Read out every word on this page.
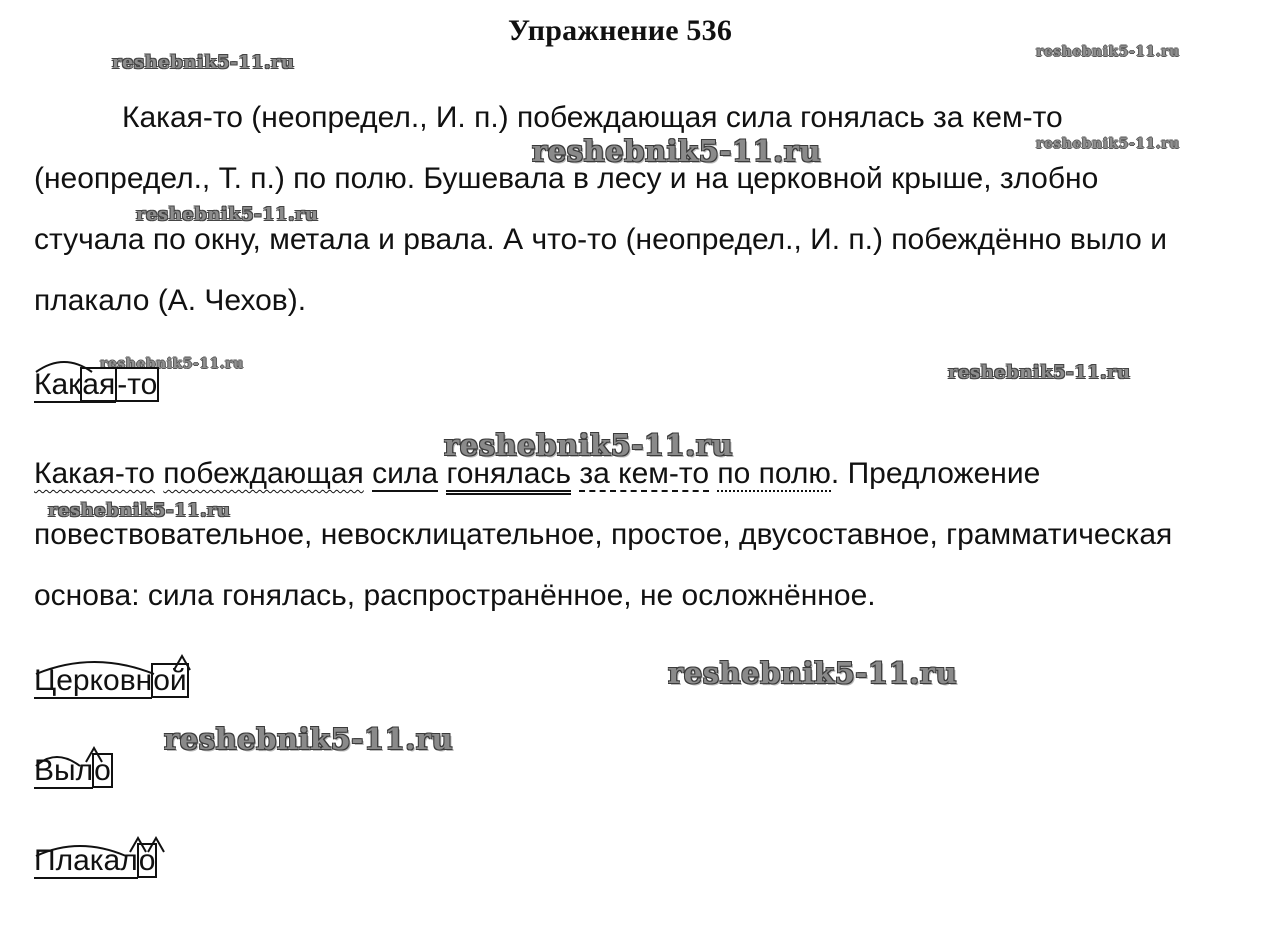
Упражнение 536
reshebnik5-11.ru	reshebnik5-11.ru
reshebnik5-11.ru	reshebnik5-11.ru
reshebnik5-11.ru
reshebnik5-11.ru	reshebnik5-11.ru
reshebnik5-11.ru
reshebnik5-11.ru
reshebnik5-11.ru
reshebnik5-11.ru

Какая-то (неопредел., И. п.) побеждающая сила гонялась за кем-то (неопредел., Т. п.) по полю. Бушевала в лесу и на церковной крыше, злобно стучала по окну, метала и рвала. А что-то (неопредел., И. п.) побеждённо выло и плакало (А. Чехов).

Какая-то

Какая-то побеждающая сила гонялась за кем-то по полю. Предложение повествовательное, невосклицательное, простое, двусоставное, грамматическая основа: сила гонялась, распространённое, не осложнённое.

Церковной
Выло
Плакало
